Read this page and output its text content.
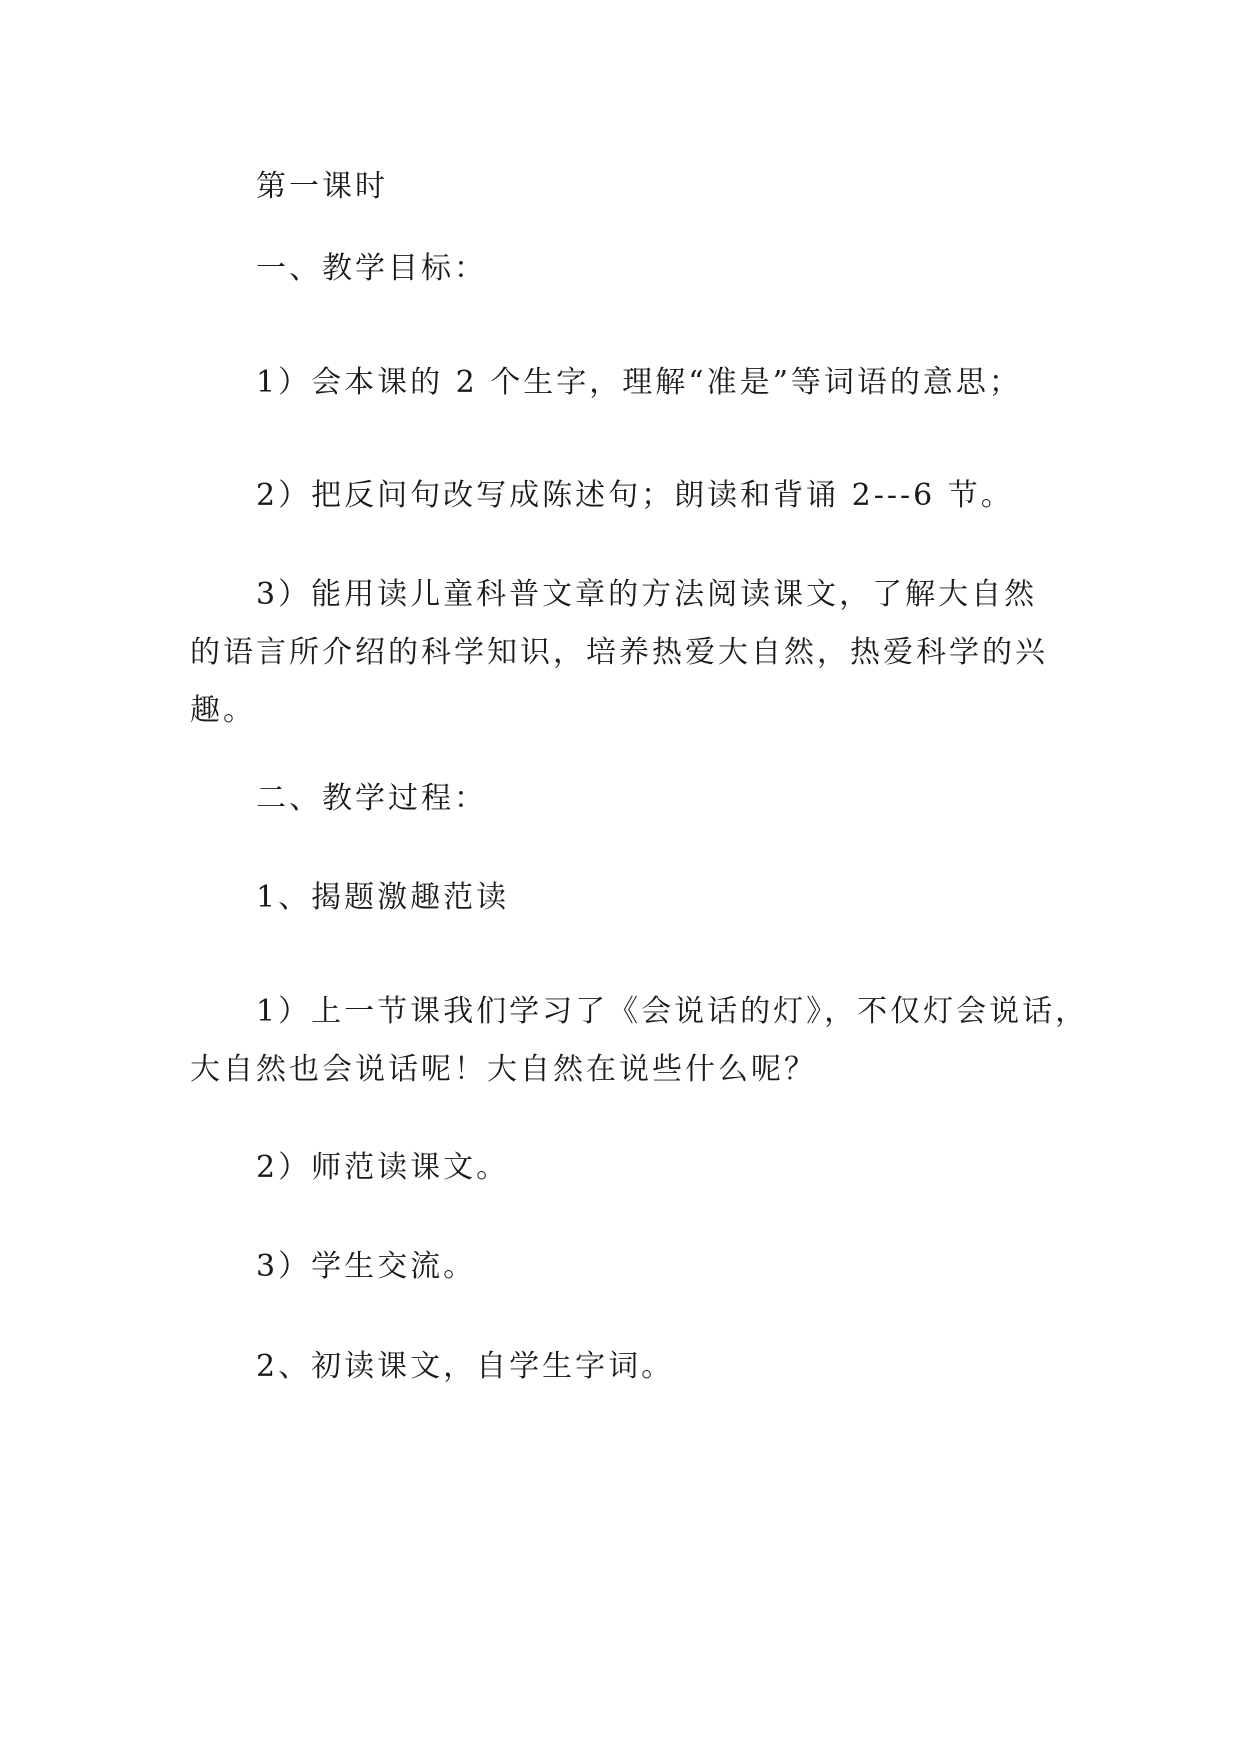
第一课时

一、教学目标：

1）会本课的 2 个生字，理解“准是”等词语的意思；

2）把反问句改写成陈述句；朗读和背诵 2---6 节。

3）能用读儿童科普文章的方法阅读课文，了解大自然
的语言所介绍的科学知识，培养热爱大自然，热爱科学的兴
趣。

二、教学过程：

1、揭题激趣范读

1）上一节课我们学习了《会说话的灯》，不仅灯会说话，
大自然也会说话呢！大自然在说些什么呢？

2）师范读课文。

3）学生交流。

2、初读课文，自学生字词。
